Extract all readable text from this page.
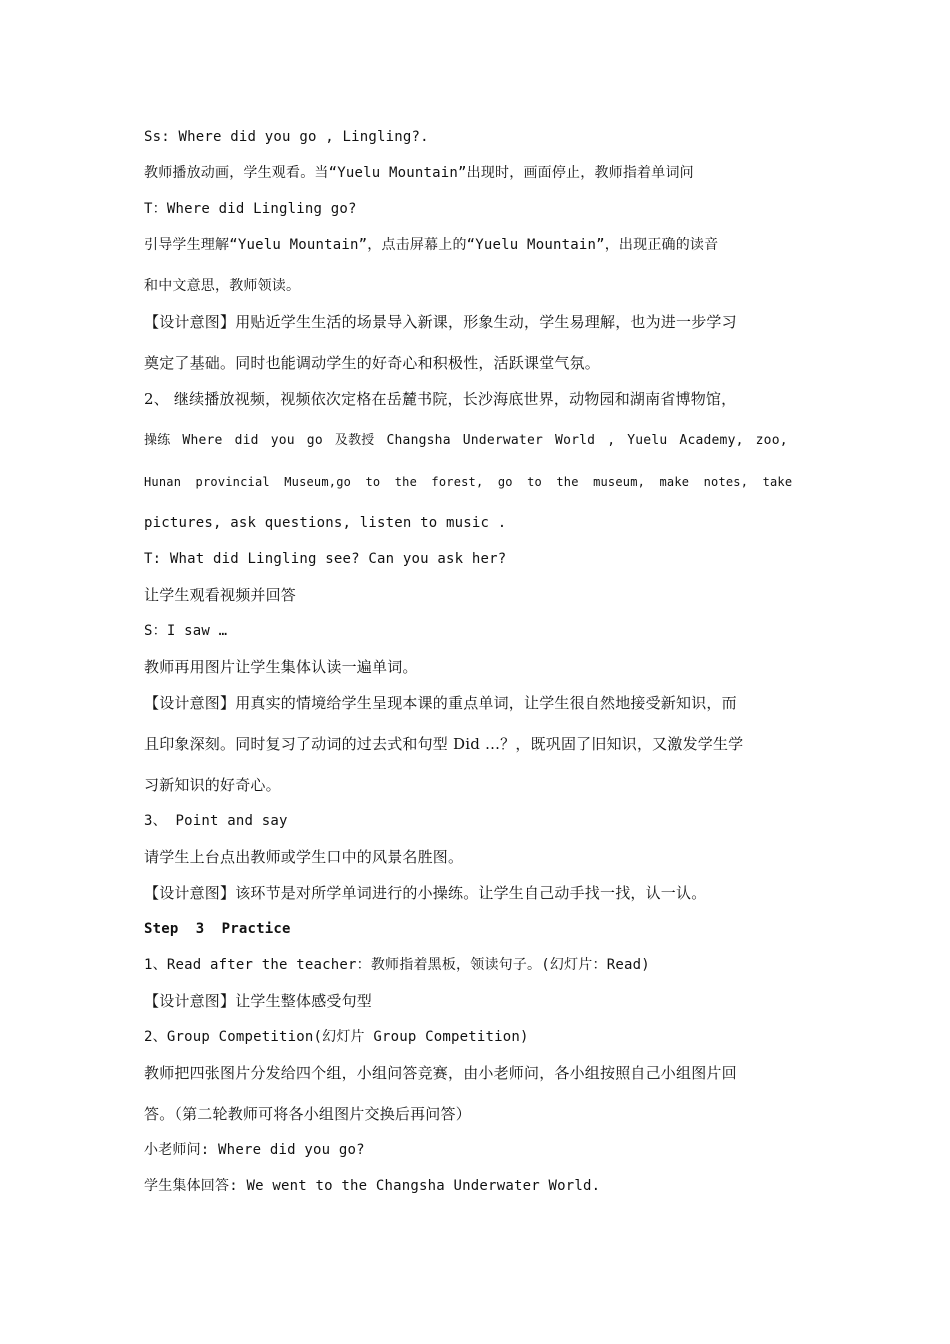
Ss: Where did you go , Lingling?.
教师播放动画，学生观看。当“Yuelu Mountain”出现时，画面停止，教师指着单词问
T：Where did Lingling go?
引导学生理解“Yuelu Mountain”，点击屏幕上的“Yuelu Mountain”，出现正确的读音
和中文意思，教师领读。
【设计意图】用贴近学生生活的场景导入新课，形象生动，学生易理解，也为进一步学习
奠定了基础。同时也能调动学生的好奇心和积极性，活跃课堂气氛。
2、 继续播放视频，视频依次定格在岳麓书院，长沙海底世界，动物园和湖南省博物馆，
操练 Where did you go 及教授 Changsha Underwater World , Yuelu Academy, zoo,
Hunan provincial Museum,go to the forest, go to the museum, make notes, take
pictures, ask questions, listen to music .
T: What did Lingling see? Can you ask her?
让学生观看视频并回答
S：I saw …
教师再用图片让学生集体认读一遍单词。
【设计意图】用真实的情境给学生呈现本课的重点单词，让学生很自然地接受新知识，而
且印象深刻。同时复习了动词的过去式和句型 Did …？，既巩固了旧知识，又激发学生学
习新知识的好奇心。
3、 Point and say
请学生上台点出教师或学生口中的风景名胜图。
【设计意图】该环节是对所学单词进行的小操练。让学生自己动手找一找，认一认。
Step  3  Practice
1、Read after the teacher：教师指着黑板，领读句子。(幻灯片：Read)
【设计意图】让学生整体感受句型
2、Group Competition(幻灯片 Group Competition)
教师把四张图片分发给四个组，小组问答竞赛，由小老师问，各小组按照自己小组图片回
答。（第二轮教师可将各小组图片交换后再问答）
小老师问: Where did you go?
学生集体回答: We went to the Changsha Underwater World.
